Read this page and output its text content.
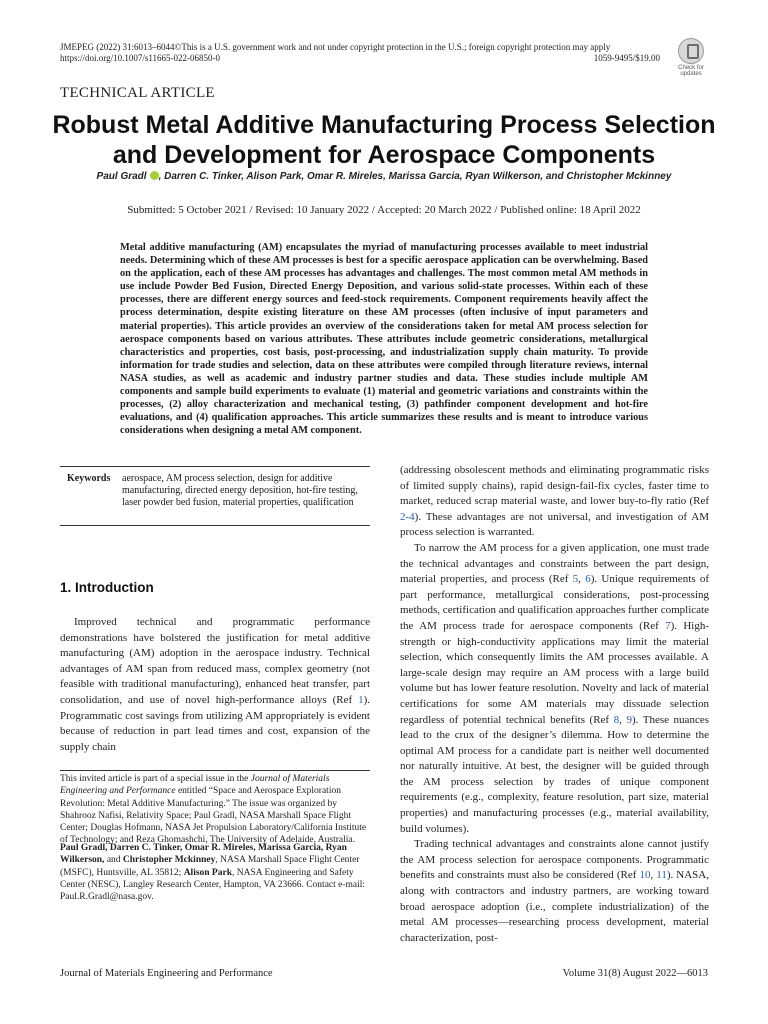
JMEPEG (2022) 31:6013–6044©This is a U.S. government work and not under copyright protection in the U.S.; foreign copyright protection may apply
https://doi.org/10.1007/s11665-022-06850-0	1059-9495/$19.00
Check for updates
TECHNICAL ARTICLE
Robust Metal Additive Manufacturing Process Selection and Development for Aerospace Components
Paul Gradl , Darren C. Tinker, Alison Park, Omar R. Mireles, Marissa Garcia, Ryan Wilkerson, and Christopher Mckinney
Submitted: 5 October 2021 / Revised: 10 January 2022 / Accepted: 20 March 2022 / Published online: 18 April 2022
Metal additive manufacturing (AM) encapsulates the myriad of manufacturing processes available to meet industrial needs. Determining which of these AM processes is best for a specific aerospace application can be overwhelming. Based on the application, each of these AM processes has advantages and challenges. The most common metal AM methods in use include Powder Bed Fusion, Directed Energy Deposition, and various solid-state processes. Within each of these processes, there are different energy sources and feed-stock requirements. Component requirements heavily affect the process determination, despite existing literature on these AM processes (often inclusive of input parameters and material properties). This article provides an overview of the considerations taken for metal AM process selection for aerospace components based on various attributes. These attributes include geometric considerations, metallurgical characteristics and properties, cost basis, post-processing, and industrialization supply chain maturity. To provide information for trade studies and selection, data on these attributes were compiled through literature reviews, internal NASA studies, as well as academic and industry partner studies and data. These studies include multiple AM components and sample build experiments to evaluate (1) material and geometric variations and constraints within the processes, (2) alloy characterization and mechanical testing, (3) pathfinder component development and hot-fire evaluations, and (4) qualification approaches. This article summarizes these results and is meant to introduce various considerations when designing a metal AM component.
Keywords aerospace, AM process selection, design for additive manufacturing, directed energy deposition, hot-fire testing, laser powder bed fusion, material properties, qualification
1. Introduction

Improved technical and programmatic performance demonstrations have bolstered the justification for metal additive manufacturing (AM) adoption in the aerospace industry. Technical advantages of AM span from reduced mass, complex geometry (not feasible with traditional manufacturing), enhanced heat transfer, part consolidation, and use of novel high-performance alloys (Ref 1). Programmatic cost savings from utilizing AM appropriately is evident because of reduction in part lead times and cost, expansion of the supply chain

This invited article is part of a special issue in the Journal of Materials Engineering and Performance entitled “Space and Aerospace Exploration Revolution: Metal Additive Manufacturing.” The issue was organized by Shahrooz Nafisi, Relativity Space; Paul Gradl, NASA Marshall Space Flight Center; Douglas Hofmann, NASA Jet Propulsion Laboratory/California Institute of Technology; and Reza Ghomashchi, The University of Adelaide, Australia.
Paul Gradl, Darren C. Tinker, Omar R. Mireles, Marissa Garcia, Ryan Wilkerson, and Christopher Mckinney, NASA Marshall Space Flight Center (MSFC), Huntsville, AL 35812; Alison Park, NASA Engineering and Safety Center (NESC), Langley Research Center, Hampton, VA 23666. Contact e-mail: Paul.R.Gradl@nasa.gov.

(addressing obsolescent methods and eliminating programmatic risks of limited supply chains), rapid design-fail-fix cycles, faster time to market, reduced scrap material waste, and lower buy-to-fly ratio (Ref 2-4). These advantages are not universal, and investigation of AM process selection is warranted.

To narrow the AM process for a given application, one must trade the technical advantages and constraints between the part design, material properties, and process (Ref 5, 6). Unique requirements of part performance, metallurgical considerations, post-processing methods, certification and qualification approaches further complicate the AM process trade for aerospace components (Ref 7). High-strength or high-conductivity applications may limit the material selection, which consequently limits the AM processes available. A large-scale design may require an AM process with a large build volume but has lower feature resolution. Novelty and lack of material certifications for some AM materials may dissuade selection regardless of potential technical benefits (Ref 8, 9). These nuances lead to the crux of the designer’s dilemma. How to determine the optimal AM process for a candidate part is neither well documented nor naturally intuitive. At best, the designer will be guided through the AM process selection by trades of unique component requirements (e.g., complexity, feature resolution, part size, material properties) and manufacturing processes (e.g., material availability, build volumes).

Trading technical advantages and constraints alone cannot justify the AM process selection for aerospace components. Programmatic benefits and constraints must also be considered (Ref 10, 11). NASA, along with contractors and industry partners, are working toward broad aerospace adoption (i.e., complete industrialization) of the metal AM processes—researching process development, material characterization, post-

Journal of Materials Engineering and Performance	Volume 31(8) August 2022—6013
